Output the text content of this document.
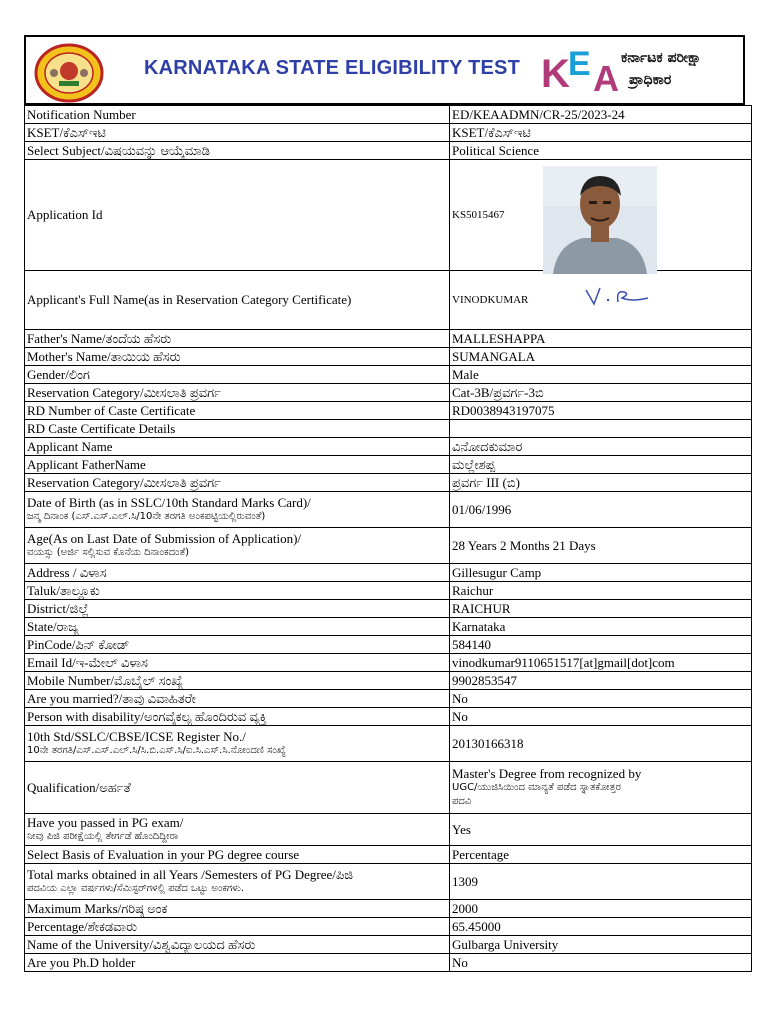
KARNATAKA STATE ELIGIBILITY TEST K
E A ಕರ್ನಾಟಕ ಪರೀಕ್ಷಾ
ಪ್ರಾಧಿಕಾರ
Notification Number	ED/KEAADMN/CR-25/2023-24
KSET/ಕೆಎಸ್‌ಇಟಿ	KSET/ಕೆಎಸ್‌ಇಟಿ
Select Subject/ವಿಷಯವನ್ನು ಆಯ್ಕೆಮಾಡಿ	Political Science
Application Id	KS5015467
Applicant's Full Name(as in Reservation Category Certificate)	VINODKUMAR
Father's Name/ತಂದೆಯ ಹೆಸರು	MALLESHAPPA
Mother's Name/ತಾಯಿಯ ಹೆಸರು	SUMANGALA
Gender/ಲಿಂಗ	Male
Reservation Category/ಮೀಸಲಾತಿ ಪ್ರವರ್ಗ	Cat-3B/ಪ್ರವರ್ಗ-3ಬಿ
RD Number of Caste Certificate	RD0038943197075
RD Caste Certificate Details	
Applicant Name	ವಿನೋದಕುಮಾರ
Applicant FatherName	ಮಲ್ಲೇಶಪ್ಪ
Reservation Category/ಮೀಸಲಾತಿ ಪ್ರವರ್ಗ	ಪ್ರವರ್ಗ III (ಬಿ)

Date of Birth (as in SSLC/10th Standard Marks Card)/
ಜನ್ಮ ದಿನಾಂಕ (ಎಸ್.ಎಸ್.ಎಲ್.ಸಿ/10ನೇ ತರಗತಿ ಅಂಕಪಟ್ಟಿಯಲ್ಲಿರುವಂತೆ)	01/06/1996

Age(As on Last Date of Submission of Application)/
ವಯಸ್ಸು (ಅರ್ಜಿ ಸಲ್ಲಿಸುವ ಕೊನೆಯ ದಿನಾಂಕದಂತೆ)	28 Years 2 Months 21 Days
Address / ವಿಳಾಸ	Gillesugur Camp
Taluk/ತಾಲ್ಲೂಕು	Raichur
District/ಜಿಲ್ಲೆ	RAICHUR
State/ರಾಜ್ಯ	Karnataka
PinCode/ಪಿನ್ ಕೋಡ್	584140
Email Id/ಇ-ಮೇಲ್ ವಿಳಾಸ	vinodkumar9110651517[at]gmail[dot]com
Mobile Number/ಮೊಬೈಲ್ ಸಂಖ್ಯೆ	9902853547
Are you married?/ತಾವು ವಿವಾಹಿತರೇ	No
Person with disability/ಅಂಗವೈಕಲ್ಯ ಹೊಂದಿರುವ ವ್ಯಕ್ತಿ	No

10th Std/SSLC/CBSE/ICSE Register No./
10ನೇ ತರಗತಿ/ಎಸ್.ಎಸ್.ಎಲ್.ಸಿ/ಸಿ.ಬಿ.ಎಸ್.ಸಿ/ಐ.ಸಿ.ಎಸ್.ಸಿ.ನೋಂದಣಿ ಸಂಖ್ಯೆ	20130166318
Qualification/ಅರ್ಹತೆ	Master's Degree from recognized by
UGC/ಯುಜಿಸಿಯಿಂದ ಮಾನ್ಯತೆ ಪಡೆದ ಸ್ನಾತಕೋತ್ತರ
ಪದವಿ

Have you passed in PG exam/
ನೀವು ಪಿಜಿ ಪರೀಕ್ಷೆಯಲ್ಲಿ ತೇರ್ಗಡೆ ಹೊಂದಿದ್ದೀರಾ	Yes
Select Basis of Evaluation in your PG degree course	Percentage

Total marks obtained in all Years /Semesters of PG Degree/ಪಿಜಿ
ಪದವಿಯ ಎಲ್ಲಾ ವರ್ಷಗಳು/ಸೆಮಿಸ್ಟರ್‌ಗಳಲ್ಲಿ ಪಡೆದ ಒಟ್ಟು ಅಂಕಗಳು.	1309
Maximum Marks/ಗರಿಷ್ಠ ಅಂಕ	2000
Percentage/ಶೇಕಡವಾರು	65.45000
Name of the University/ವಿಶ್ವವಿದ್ಯಾಲಯದ ಹೆಸರು	Gulbarga University
Are you Ph.D holder	No
